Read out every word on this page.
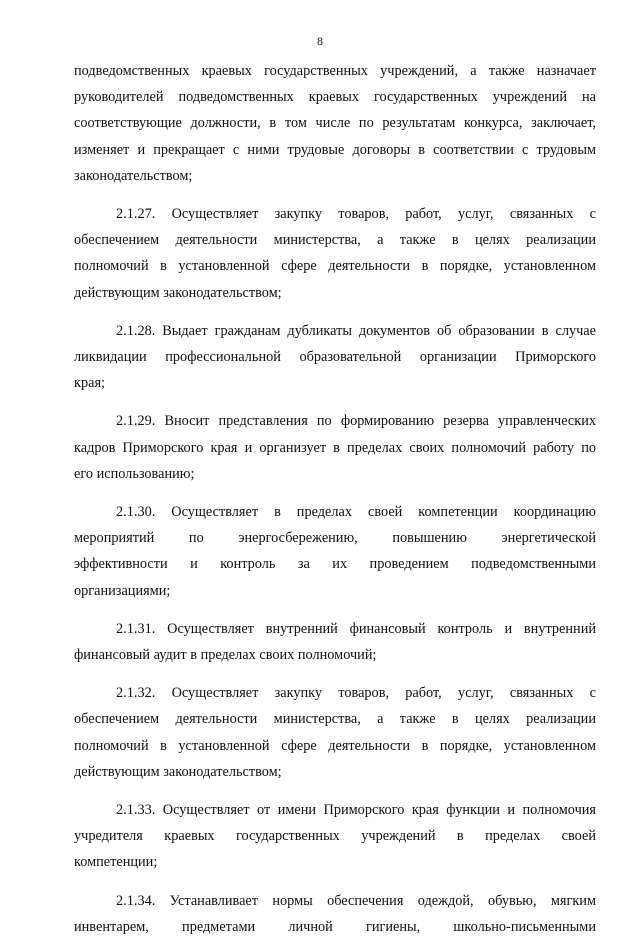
8

подведомственных краевых государственных учреждений, а также назначает
руководителей подведомственных краевых государственных учреждений на
соответствующие должности, в том числе по результатам конкурса, заключает,
изменяет и прекращает с ними трудовые договоры в соответствии с трудовым
законодательством;

2.1.27. Осуществляет закупку товаров, работ, услуг, связанных с
обеспечением деятельности министерства, а также в целях реализации
полномочий в установленной сфере деятельности в порядке, установленном
действующим законодательством;

2.1.28. Выдает гражданам дубликаты документов об образовании в случае
ликвидации профессиональной образовательной организации Приморского
края;

2.1.29. Вносит представления по формированию резерва управленческих
кадров Приморского края и организует в пределах своих полномочий работу по
его использованию;

2.1.30. Осуществляет в пределах своей компетенции координацию
мероприятий по энергосбережению, повышению энергетической
эффективности и контроль за их проведением подведомственными
организациями;

2.1.31. Осуществляет внутренний финансовый контроль и внутренний
финансовый аудит в пределах своих полномочий;

2.1.32. Осуществляет закупку товаров, работ, услуг, связанных с
обеспечением деятельности министерства, а также в целях реализации
полномочий в установленной сфере деятельности в порядке, установленном
действующим законодательством;

2.1.33. Осуществляет от имени Приморского края функции и полномочия
учредителя краевых государственных учреждений в пределах своей
компетенции;

2.1.34. Устанавливает нормы обеспечения одеждой, обувью, мягким
инвентарем, предметами личной гигиены, школьно-письменными
